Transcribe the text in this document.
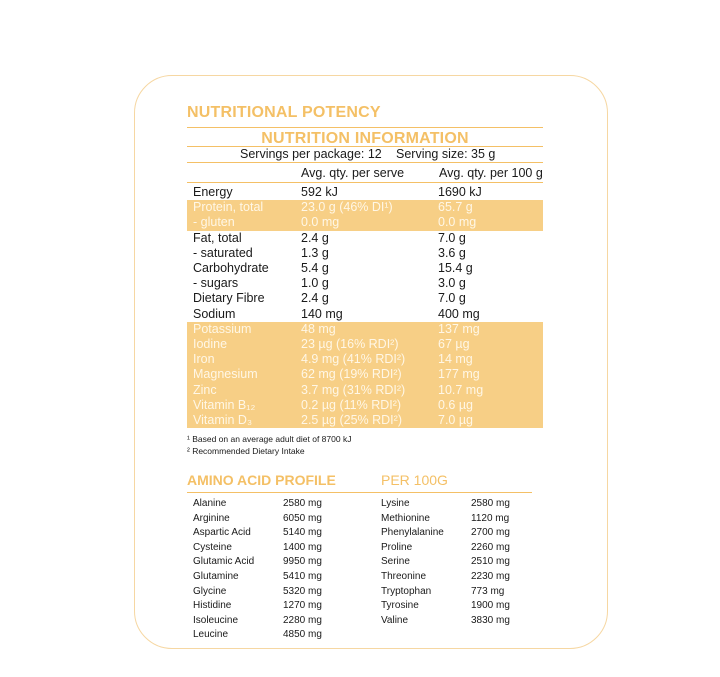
NUTRITIONAL POTENCY
NUTRITION INFORMATION
Servings per package: 12 Serving size: 35 g
Avg. qty. per serve	Avg. qty. per 100 g
Energy	592 kJ	1690 kJ
Protein, total	23.0 g (46% DI¹)	65.7 g
- gluten	0.0 mg	0.0 mg
Fat, total	2.4 g	7.0 g
- saturated	1.3 g	3.6 g
Carbohydrate	5.4 g	15.4 g
- sugars	1.0 g	3.0 g
Dietary Fibre	2.4 g	7.0 g
Sodium	140 mg	400 mg
Potassium	48 mg	137 mg
Iodine	23 µg (16% RDI²)	67 µg
Iron	4.9 mg (41% RDI²)	14 mg
Magnesium	62 mg (19% RDI²)	177 mg
Zinc	3.7 mg (31% RDI²)	10.7 mg
Vitamin B₁₂	0.2 µg (11% RDI²)	0.6 µg
Vitamin D₃	2.5 µg (25% RDI²)	7.0 µg
¹ Based on an average adult diet of 8700 kJ
² Recommended Dietary Intake
AMINO ACID PROFILE	PER 100G
Alanine	2580 mg
Arginine	6050 mg
Aspartic Acid	5140 mg
Cysteine	1400 mg
Glutamic Acid	9950 mg
Glutamine	5410 mg
Glycine	5320 mg
Histidine	1270 mg
Isoleucine	2280 mg
Leucine	4850 mg
Lysine	2580 mg
Methionine	1120 mg
Phenylalanine	2700 mg
Proline	2260 mg
Serine	2510 mg
Threonine	2230 mg
Tryptophan	773 mg
Tyrosine	1900 mg
Valine	3830 mg
